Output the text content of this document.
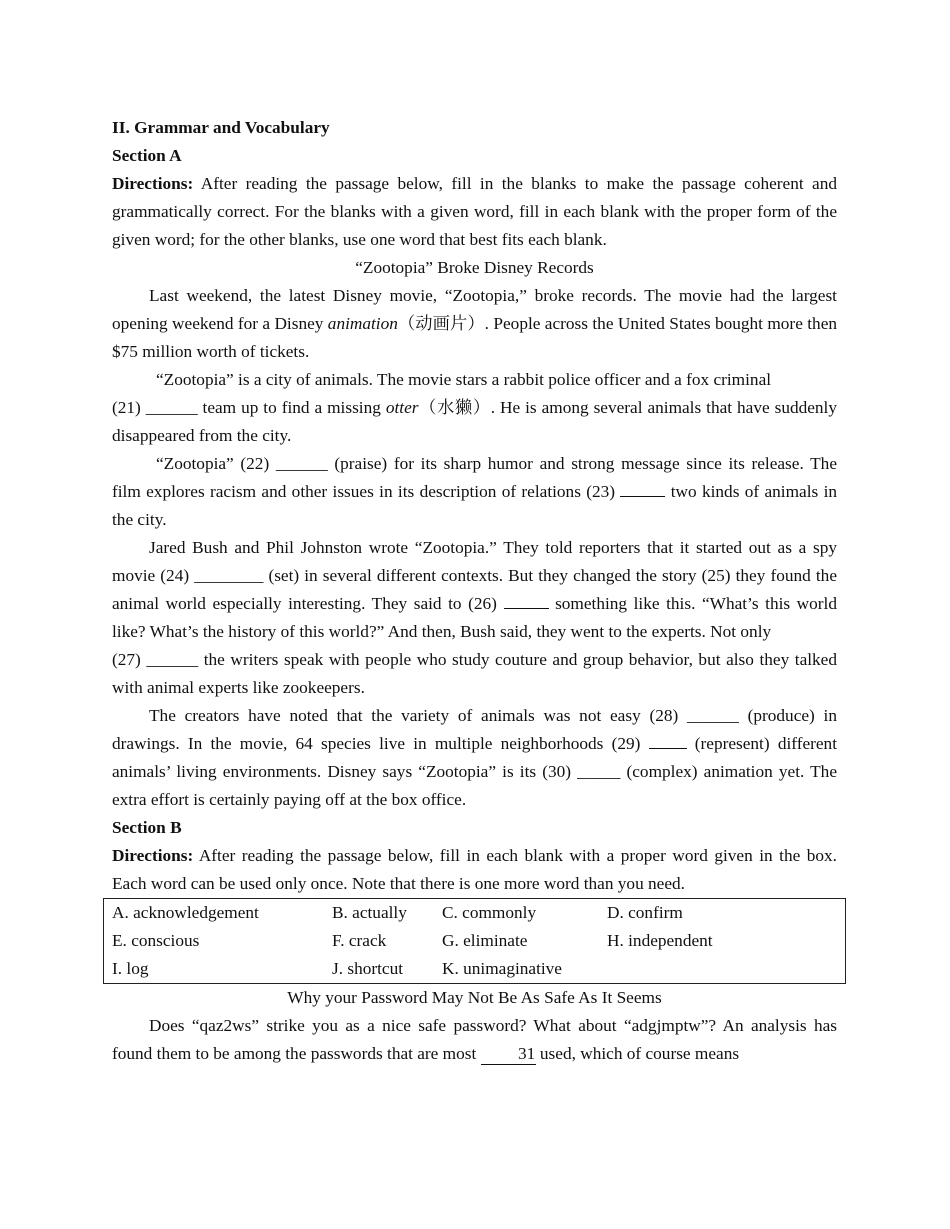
II. Grammar and Vocabulary

Section A

Directions: After reading the passage below, fill in the blanks to make the passage coherent and grammatically correct. For the blanks with a given word, fill in each blank with the proper form of the given word; for the other blanks, use one word that best fits each blank.

“Zootopia” Broke Disney Records

Last weekend, the latest Disney movie, “Zootopia,” broke records. The movie had the largest opening weekend for a Disney animation（动画片）. People across the United States bought more then $75 million worth of tickets.

“Zootopia” is a city of animals. The movie stars a rabbit police officer and a fox criminal

(21) ______ team up to find a missing otter（水獭）. He is among several animals that have suddenly disappeared from the city.

“Zootopia” (22) ______ (praise) for its sharp humor and strong message since its release. The film explores racism and other issues in its description of relations (23)	two kinds of animals in the city.

Jared Bush and Phil Johnston wrote “Zootopia.” They told reporters that it started out as a spy movie (24) ________ (set) in several different contexts. But they changed the story (25) they found the animal world especially interesting. They said to (26)	something like this. “What’s this world like? What’s the history of this world?” And then, Bush said, they went to the experts. Not only

(27) ______ the writers speak with people who study couture and group behavior, but also they talked with animal experts like zookeepers.

The creators have noted that the variety of animals was not easy (28) ______ (produce) in drawings. In the movie, 64 species live in multiple neighborhoods (29)  (represent) different animals’ living environments. Disney says “Zootopia” is its (30) _____ (complex) animation yet. The extra effort is certainly paying off at the box office.

Section B

Directions: After reading the passage below, fill in each blank with a proper word given in the box. Each word can be used only once. Note that there is one more word than you need.

A. acknowledgement	B. actually	C. commonly	D. confirm
E. conscious	F. crack	G. eliminate	H. independent
I. log	J. shortcut	K. unimaginative

Why your Password May Not Be As Safe As It Seems

Does “qaz2ws” strike you as a nice safe password? What about “adgjmptw”? An analysis has found them to be among the passwords that are most 31 used, which of course means
